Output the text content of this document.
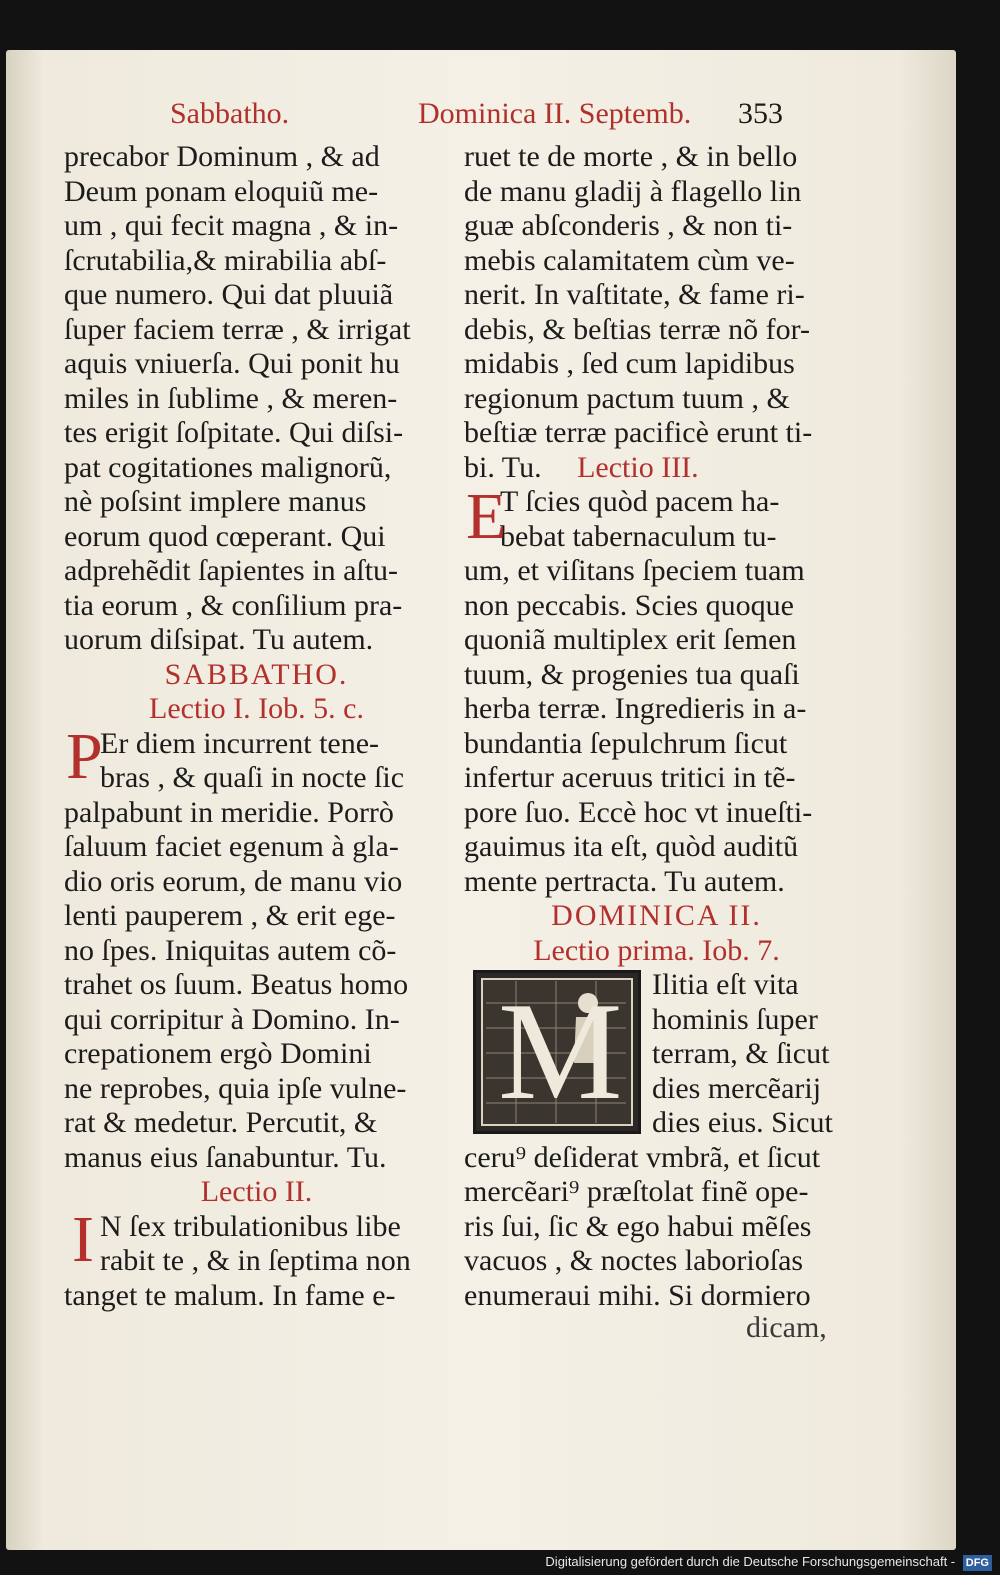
Sabbatho.	Dominica II. Septemb. 353
precabor Dominum , & ad
Deum ponam eloquiũ me-
um , qui fecit magna , & in-
ſcrutabilia,& mirabilia abſ-
que numero. Qui dat pluuiã
ſuper faciem terræ , & irrigat
aquis vniuerſa. Qui ponit hu
miles in ſublime , & meren-
tes erigit ſoſpitate. Qui diſsi-
pat cogitationes malignorũ,
nè poſsint implere manus
eorum quod cœperant. Qui
adprehẽdit ſapientes in aſtu-
tia eorum , & conſilium pra-
uorum diſsipat. Tu autem.
SABBATHO.
Lectio I. Iob. 5. c.
Er diem incurrent tene-
bras , & quaſi in nocte ſic
palpabunt in meridie. Porrò
ſaluum faciet egenum à gla-
dio oris eorum, de manu vio
lenti pauperem , & erit ege-
no ſpes. Iniquitas autem cõ-
trahet os ſuum. Beatus homo
qui corripitur à Domino. In-
crepationem ergò Domini
ne reprobes, quia ipſe vulne-
rat & medetur. Percutit, &
manus eius ſanabuntur. Tu.
Lectio II.
N ſex tribulationibus libe
rabit te , & in ſeptima non
tanget te malum. In fame e-
P
I
ruet te de morte , & in bello
de manu gladij à flagello lin
guæ abſconderis , & non ti-
mebis calamitatem cùm ve-
nerit. In vaſtitate, & fame ri-
debis, & beſtias terræ nõ for-
midabis , ſed cum lapidibus
regionum pactum tuum , &
beſtiæ terræ pacificè erunt ti-
bi. Tu. Lectio III.
T ſcies quòd pacem ha-
bebat tabernaculum tu-
um, et viſitans ſpeciem tuam
non peccabis. Scies quoque
quoniã multiplex erit ſemen
tuum, & progenies tua quaſi
herba terræ. Ingredieris in a-
bundantia ſepulchrum ſicut
infertur aceruus tritici in tẽ-
pore ſuo. Eccè hoc vt inueſti-
gauimus ita eſt, quòd auditũ
mente pertracta. Tu autem.
DOMINICA II.
Lectio prima. Iob. 7.
Ilitia eſt vita
hominis ſuper
terram, & ſicut
dies mercẽarij
dies eius. Sicut
ceru⁹ deſiderat vmbrã, et ſicut
mercẽari⁹ præſtolat finẽ ope-
ris ſui, ſic & ego habui mẽſes
vacuos , & noctes laborioſas
enumeraui mihi. Si dormiero
E
M
dicam,
Digitalisierung gefördert durch die Deutsche Forschungsgemeinschaft - DFG
